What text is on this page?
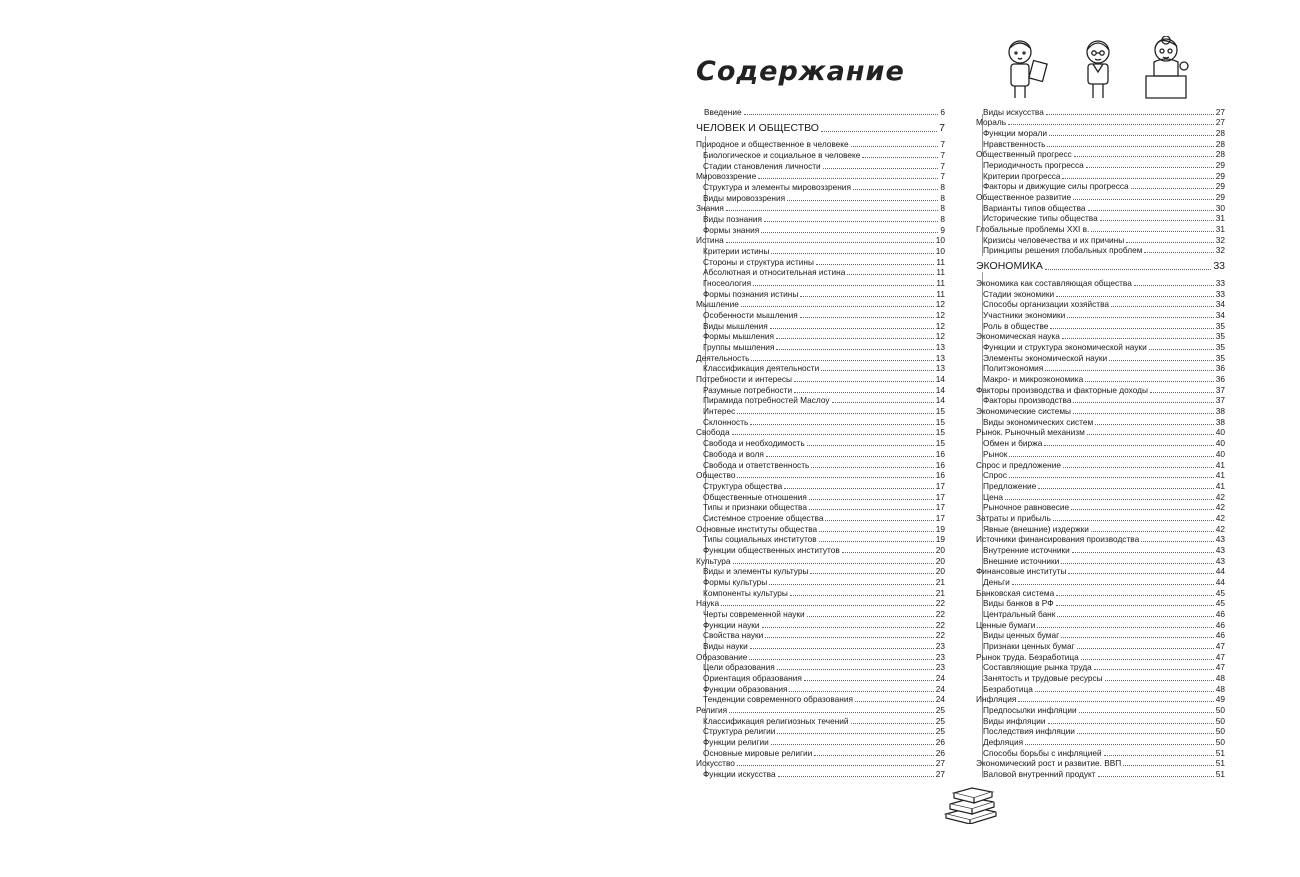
Содержание
Введение	6
ЧЕЛОВЕК И ОБЩЕСТВО	7
Природное и общественное в человеке	7
Биологическое и социальное в человеке	7
Стадии становления личности	7
Мировоззрение	7
Структура и элементы мировоззрения	8
Виды мировоззрения	8
Знания	8
Виды познания	8
Формы знания	9
Истина	10
Критерии истины	10
Стороны и структура истины	11
Абсолютная и относительная истина	11
Гносеология	11
Формы познания истины	11
Мышление	12
Особенности мышления	12
Виды мышления	12
Формы мышления	12
Группы мышления	13
Деятельность	13
Классификация деятельности	13
Потребности и интересы	14
Разумные потребности	14
Пирамида потребностей Маслоу	14
Интерес	15
Склонность	15
Свобода	15
Свобода и необходимость	15
Свобода и воля	16
Свобода и ответственность	16
Общество	16
Структура общества	17
Общественные отношения	17
Типы и признаки общества	17
Системное строение общества	17
Основные институты общества	19
Типы социальных институтов	19
Функции общественных институтов	20
Культура	20
Виды и элементы культуры	20
Формы культуры	21
Компоненты культуры	21
Наука	22
Черты современной науки	22
Функции науки	22
Свойства науки	22
Виды науки	23
Образование	23
Цели образования	23
Ориентация образования	24
Функции образования	24
Тенденции современного образования	24
Религия	25
Классификация религиозных течений	25
Структура религии	25
Функции религии	26
Основные мировые религии	26
Искусство	27
Функции искусства	27
Виды искусства	27
Мораль	27
Функции морали	28
Нравственность	28
Общественный прогресс	28
Периодичность прогресса	29
Критерии прогресса	29
Факторы и движущие силы прогресса	29
Общественное развитие	29
Варианты типов общества	30
Исторические типы общества	31
Глобальные проблемы XXI в.	31
Кризисы человечества и их причины	32
Принципы решения глобальных проблем	32
ЭКОНОМИКА	33
Экономика как составляющая общества	33
Стадии экономики	33
Способы организации хозяйства	34
Участники экономики	34
Роль в обществе	35
Экономическая наука	35
Функции и структура экономической науки	35
Элементы экономической науки	35
Политэкономия	36
Макро- и микроэкономика	36
Факторы производства и факторные доходы	37
Факторы производства	37
Экономические системы	38
Виды экономических систем	38
Рынок. Рыночный механизм	40
Обмен и биржа	40
Рынок	40
Спрос и предложение	41
Спрос	41
Предложение	41
Цена	42
Рыночное равновесие	42
Затраты и прибыль	42
Явные (внешние) издержки	42
Источники финансирования производства	43
Внутренние источники	43
Внешние источники	43
Финансовые институты	44
Деньги	44
Банковская система	45
Виды банков в РФ	45
Центральный банк	46
Ценные бумаги	46
Виды ценных бумаг	46
Признаки ценных бумаг	47
Рынок труда. Безработица	47
Составляющие рынка труда	47
Занятость и трудовые ресурсы	48
Безработица	48
Инфляция	49
Предпосылки инфляции	50
Виды инфляции	50
Последствия инфляции	50
Дефляция	50
Способы борьбы с инфляцией	51
Экономический рост и развитие. ВВП	51
Валовой внутренний продукт	51
